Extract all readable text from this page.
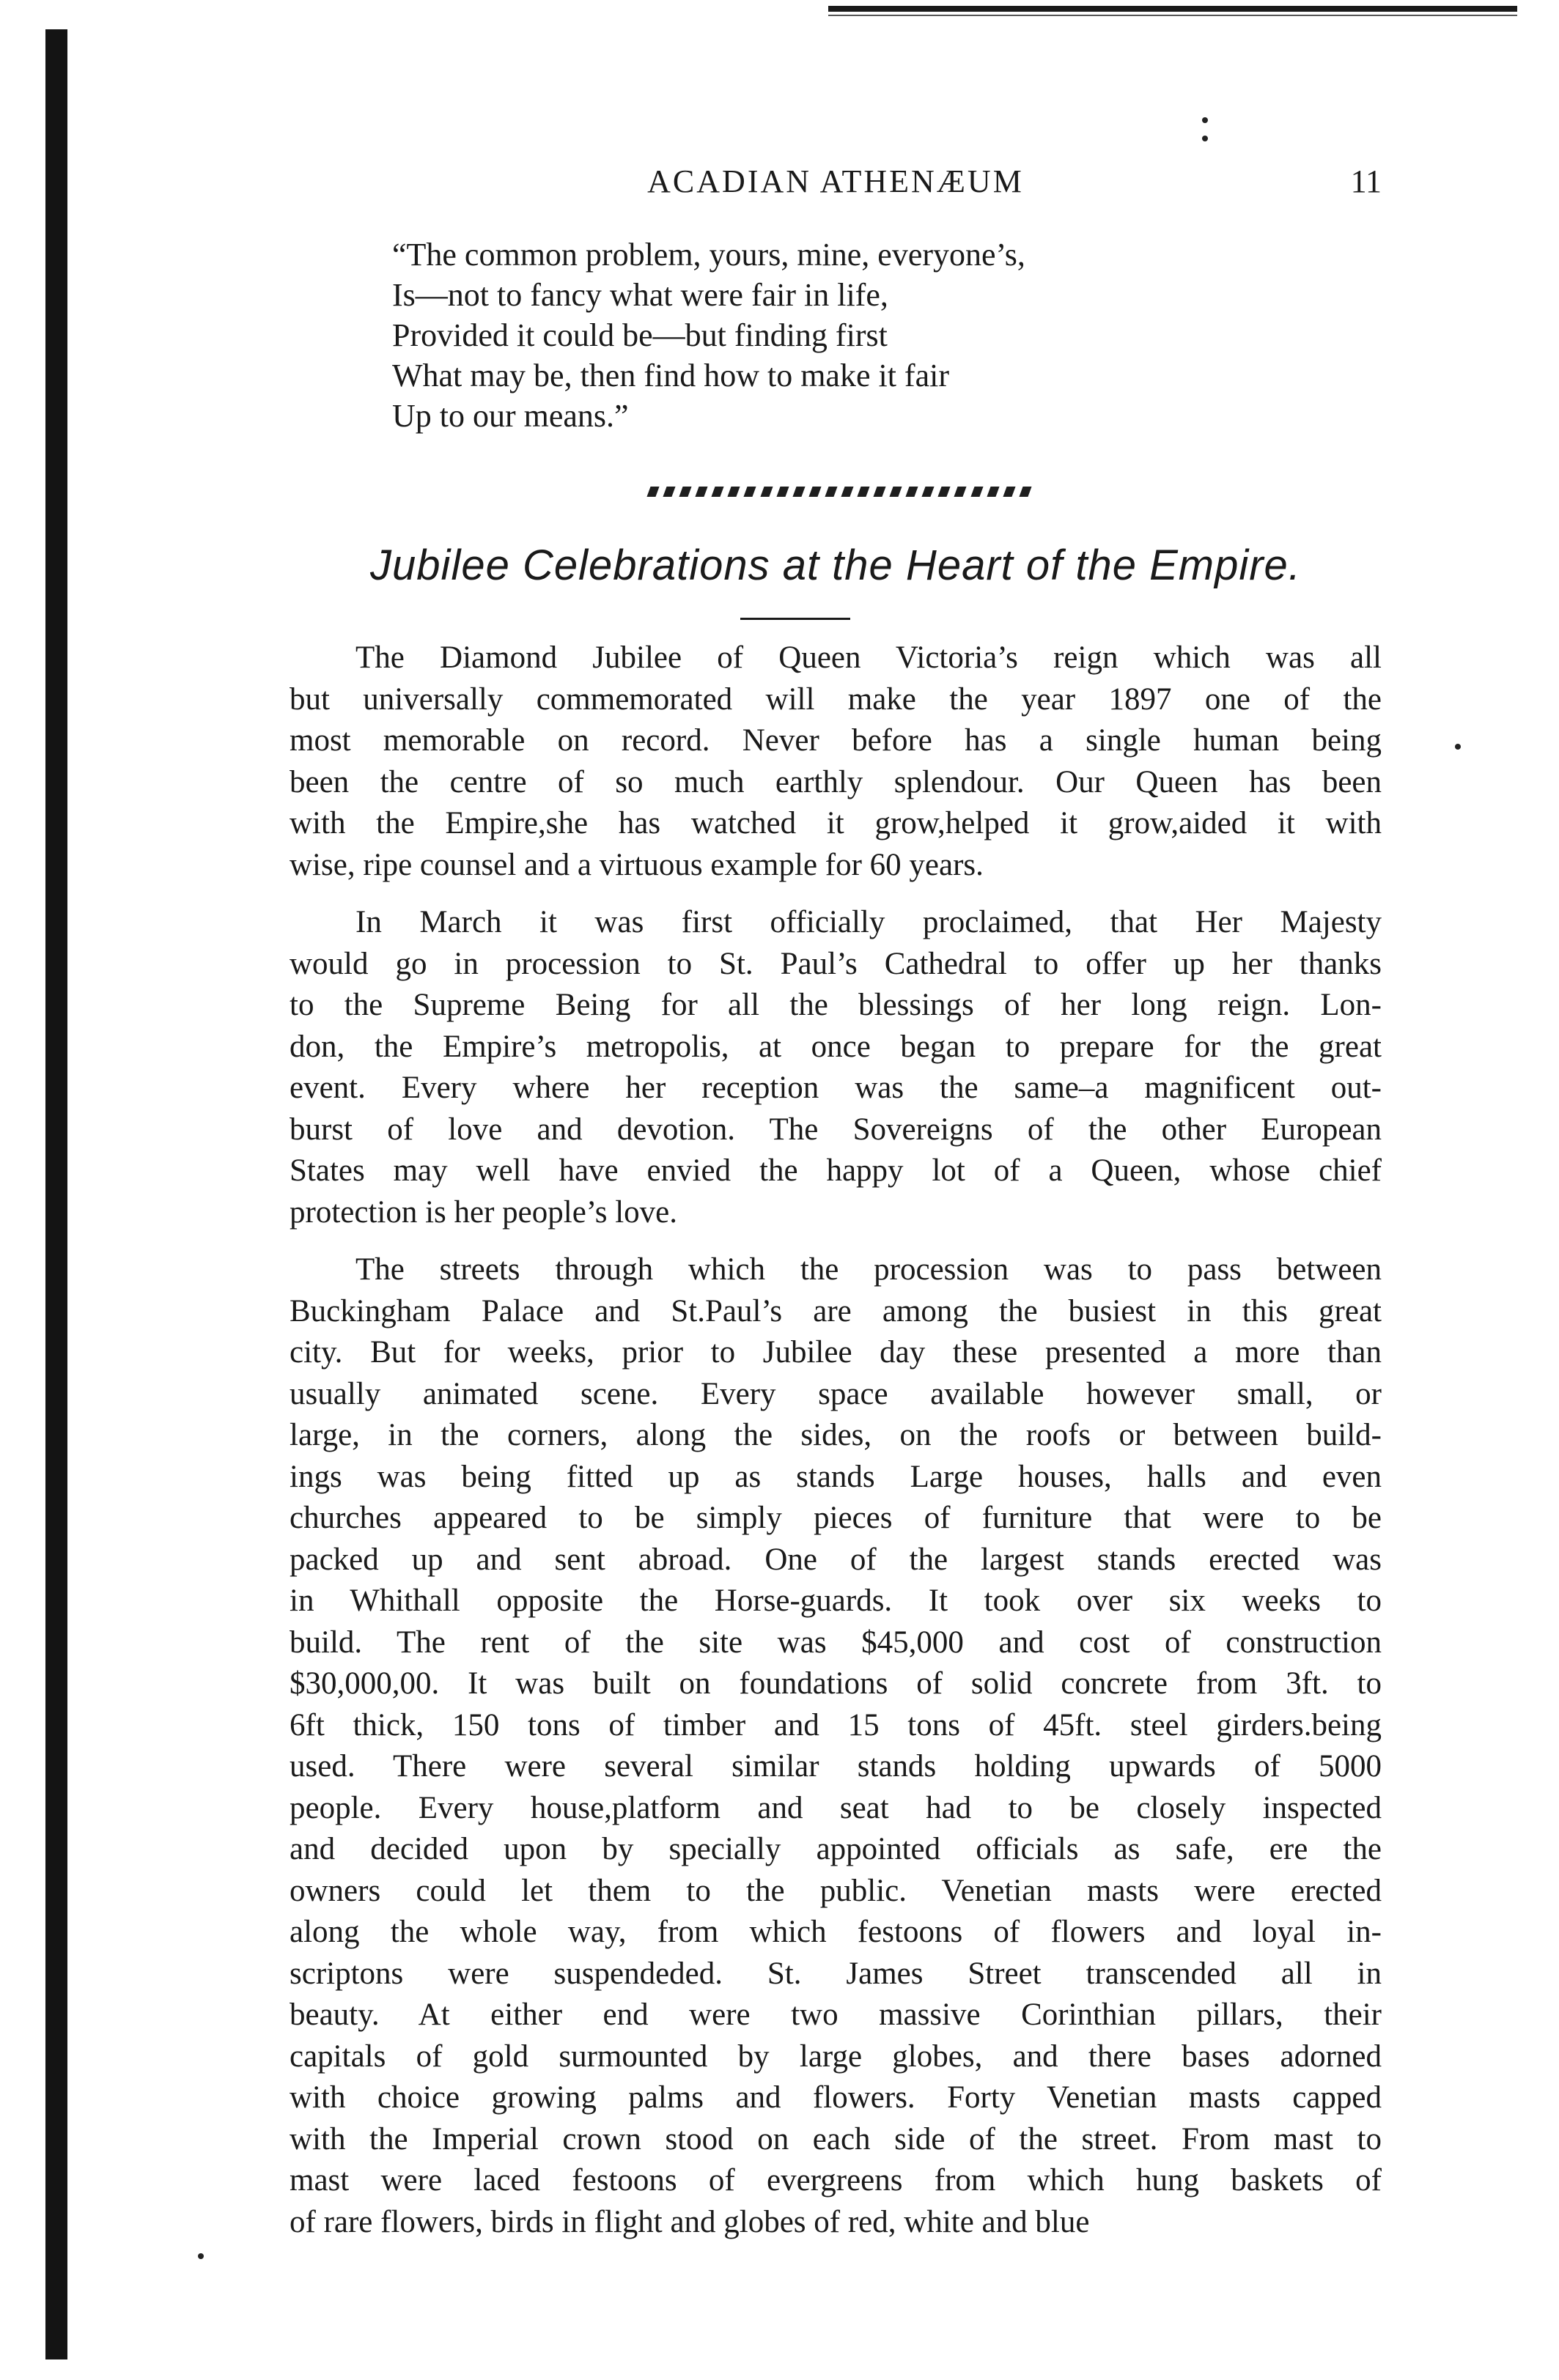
ACADIAN ATHENÆUM	11
“The common problem, yours, mine, everyone’s,
Is—not to fancy what were fair in life,
Provided it could be—but finding first
What may be, then find how to make it fair
Up to our means.”
Jubilee Celebrations at the Heart of the Empire.
The Diamond Jubilee of Queen Victoria’s reign which was all
but universally commemorated will make the year 1897 one of the
most memorable on record. Never before has a single human being
been the centre of so much earthly splendour. Our Queen has been
with the Empire,she has watched it grow,helped it grow,aided it with
wise, ripe counsel and a virtuous example for 60 years.
In March it was first officially proclaimed, that Her Majesty
would go in procession to St. Paul’s Cathedral to offer up her thanks
to the Supreme Being for all the blessings of her long reign. Lon-
don, the Empire’s metropolis, at once began to prepare for the great
event. Every where her reception was the same–a magnificent out-
burst of love and devotion. The Sovereigns of the other European
States may well have envied the happy lot of a Queen, whose chief
protection is her people’s love.
The streets through which the procession was to pass between
Buckingham Palace and St.Paul’s are among the busiest in this great
city. But for weeks, prior to Jubilee day these presented a more than
usually animated scene. Every space available however small, or
large, in the corners, along the sides, on the roofs or between build-
ings was being fitted up as stands Large houses, halls and even
churches appeared to be simply pieces of furniture that were to be
packed up and sent abroad. One of the largest stands erected was
in Whithall opposite the Horse-guards. It took over six weeks to
build. The rent of the site was $45,000 and cost of construction
$30,000,00. It was built on foundations of solid concrete from 3ft. to
6ft thick, 150 tons of timber and 15 tons of 45ft. steel girders.being
used. There were several similar stands holding upwards of 5000
people. Every house,platform and seat had to be closely inspected
and decided upon by specially appointed officials as safe, ere the
owners could let them to the public. Venetian masts were erected
along the whole way, from which festoons of flowers and loyal in-
scriptons were suspendeded. St. James Street transcended all in
beauty. At either end were two massive Corinthian pillars, their
capitals of gold surmounted by large globes, and there bases adorned
with choice growing palms and flowers. Forty Venetian masts capped
with the Imperial crown stood on each side of the street. From mast to
mast were laced festoons of evergreens from which hung baskets of
of rare flowers, birds in flight and globes of red, white and blue
